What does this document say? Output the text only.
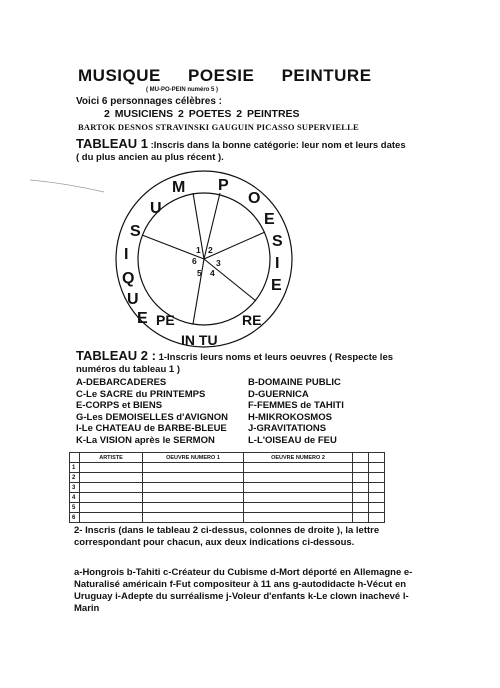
MUSIQUE POESIE PEINTURE
( MU-PO-PEIN numéro 5 )
Voici 6 personnages célèbres :
2 MUSICIENS 2 POETES 2 PEINTRES
BARTOK DESNOS STRAVINSKI GAUGUIN PICASSO SUPERVIELLE
TABLEAU 1 :Inscris dans la bonne catégorie: leur nom et leurs dates ( du plus ancien au plus récent ).
1 2
3
4
5
6
M
U
S
I
Q
U
E
P
O
E
S
I
E
PE
IN TU
RE
TABLEAU 2 : 1-Inscris leurs noms et leurs oeuvres ( Respecte les numéros du tableau 1 )
A-DEBARCADERES	B-DOMAINE PUBLIC
C-Le SACRE du PRINTEMPS	D-GUERNICA
E-CORPS et BIENS	F-FEMMES de TAHITI
G-Les DEMOISELLES d'AVIGNON	H-MIKROKOSMOS
I-Le CHATEAU de BARBE-BLEUE	J-GRAVITATIONS
K-La VISION après le SERMON	L-L'OISEAU de FEU
	ARTISTE	OEUVRE NUMERO 1	OEUVRE NUMERO 2		
1					
2					
3					
4					
5					
6					
2- Inscris (dans le tableau 2 ci-dessus, colonnes de droite ), la lettre correspondant pour chacun, aux deux indications ci-dessous.
a-Hongrois b-Tahiti c-Créateur du Cubisme d-Mort déporté en Allemagne e-Naturalisé américain f-Fut compositeur à 11 ans g-autodidacte h-Vécut en Uruguay i-Adepte du surréalisme j-Voleur d'enfants k-Le clown inachevé l-Marin
